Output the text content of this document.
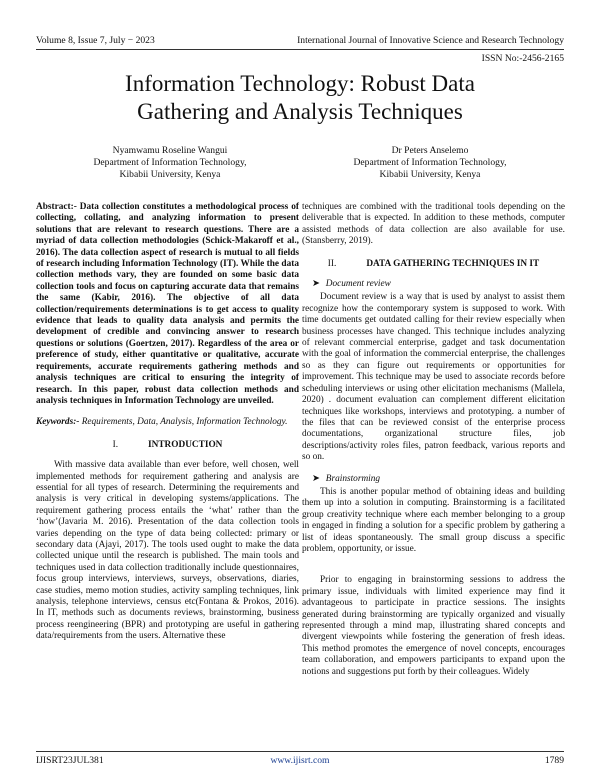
Volume 8, Issue 7, July − 2023	International Journal of Innovative Science and Research Technology
ISSN No:-2456-2165
Information Technology: Robust Data
Gathering and Analysis Techniques
Nyamwamu Roseline Wangui
Department of Information Technology,
Kibabii University, Kenya
Dr Peters Anselemo
Department of Information Technology,
Kibabii University, Kenya

Abstract:- Data collection constitutes a methodological process of collecting, collating, and analyzing information to present solutions that are relevant to research questions. There are a myriad of data collection methodologies (Schick-Makaroff et al., 2016). The data collection aspect of research is mutual to all fields of research including Information Technology (IT). While the data collection methods vary, they are founded on some basic data collection tools and focus on capturing accurate data that remains the same (Kabir, 2016). The objective of all data collection/requirements determinations is to get access to quality evidence that leads to quality data analysis and permits the development of credible and convincing answer to research questions or solutions (Goertzen, 2017). Regardless of the area or preference of study, either quantitative or qualitative, accurate requirements, accurate requirements gathering methods and analysis techniques are critical to ensuring the integrity of research. In this paper, robust data collection methods and analysis techniques in Information Technology are unveiled.

Keywords:- Requirements, Data, Analysis, Information Technology.

I.	INTRODUCTION

With massive data available than ever before, well chosen, well implemented methods for requirement gathering and analysis are essential for all types of research. Determining the requirements and analysis is very critical in developing systems/applications. The requirement gathering process entails the ‘what’ rather than the ‘how’(Javaria M. 2016). Presentation of the data collection tools varies depending on the type of data being collected: primary or secondary data (Ajayi, 2017). The tools used ought to make the data collected unique until the research is published. The main tools and techniques used in data collection traditionally include questionnaires, focus group interviews, interviews, surveys, observations, diaries, case studies, memo motion studies, activity sampling techniques, link analysis, telephone interviews, census etc(Fontana & Prokos, 2016). In IT, methods such as documents reviews, brainstorming, business process reengineering (BPR) and prototyping are useful in gathering data/requirements from the users. Alternative these

techniques are combined with the traditional tools depending on the deliverable that is expected. In addition to these methods, computer assisted methods of data collection are also available for use. (Stansberry, 2019).

II.	DATA GATHERING TECHNIQUES IN IT
➤ Document review

Document review is a way that is used by analyst to assist them recognize how the contemporary system is supposed to work. With time documents get outdated calling for their review especially when business processes have changed. This technique includes analyzing of relevant commercial enterprise, gadget and task documentation with the goal of information the commercial enterprise, the challenges so as they can figure out requirements or opportunities for improvement. This technique may be used to associate records before scheduling interviews or using other elicitation mechanisms (Mallela, 2020) . document evaluation can complement different elicitation techniques like workshops, interviews and prototyping. a number of the files that can be reviewed consist of the enterprise process documentations, organizational structure files, job descriptions/activity roles files, patron feedback, various reports and so on.

➤ Brainstorming

This is another popular method of obtaining ideas and building them up into a solution in computing. Brainstorming is a facilitated group creativity technique where each member belonging to a group in engaged in finding a solution for a specific problem by gathering a list of ideas spontaneously. The small group discuss a specific problem, opportunity, or issue.

Prior to engaging in brainstorming sessions to address the primary issue, individuals with limited experience may find it advantageous to participate in practice sessions. The insights generated during brainstorming are typically organized and visually represented through a mind map, illustrating shared concepts and divergent viewpoints while fostering the generation of fresh ideas. This method promotes the emergence of novel concepts, encourages team collaboration, and empowers participants to expand upon the notions and suggestions put forth by their colleagues. Widely

IJISRT23JUL381	www.ijisrt.com	1789
